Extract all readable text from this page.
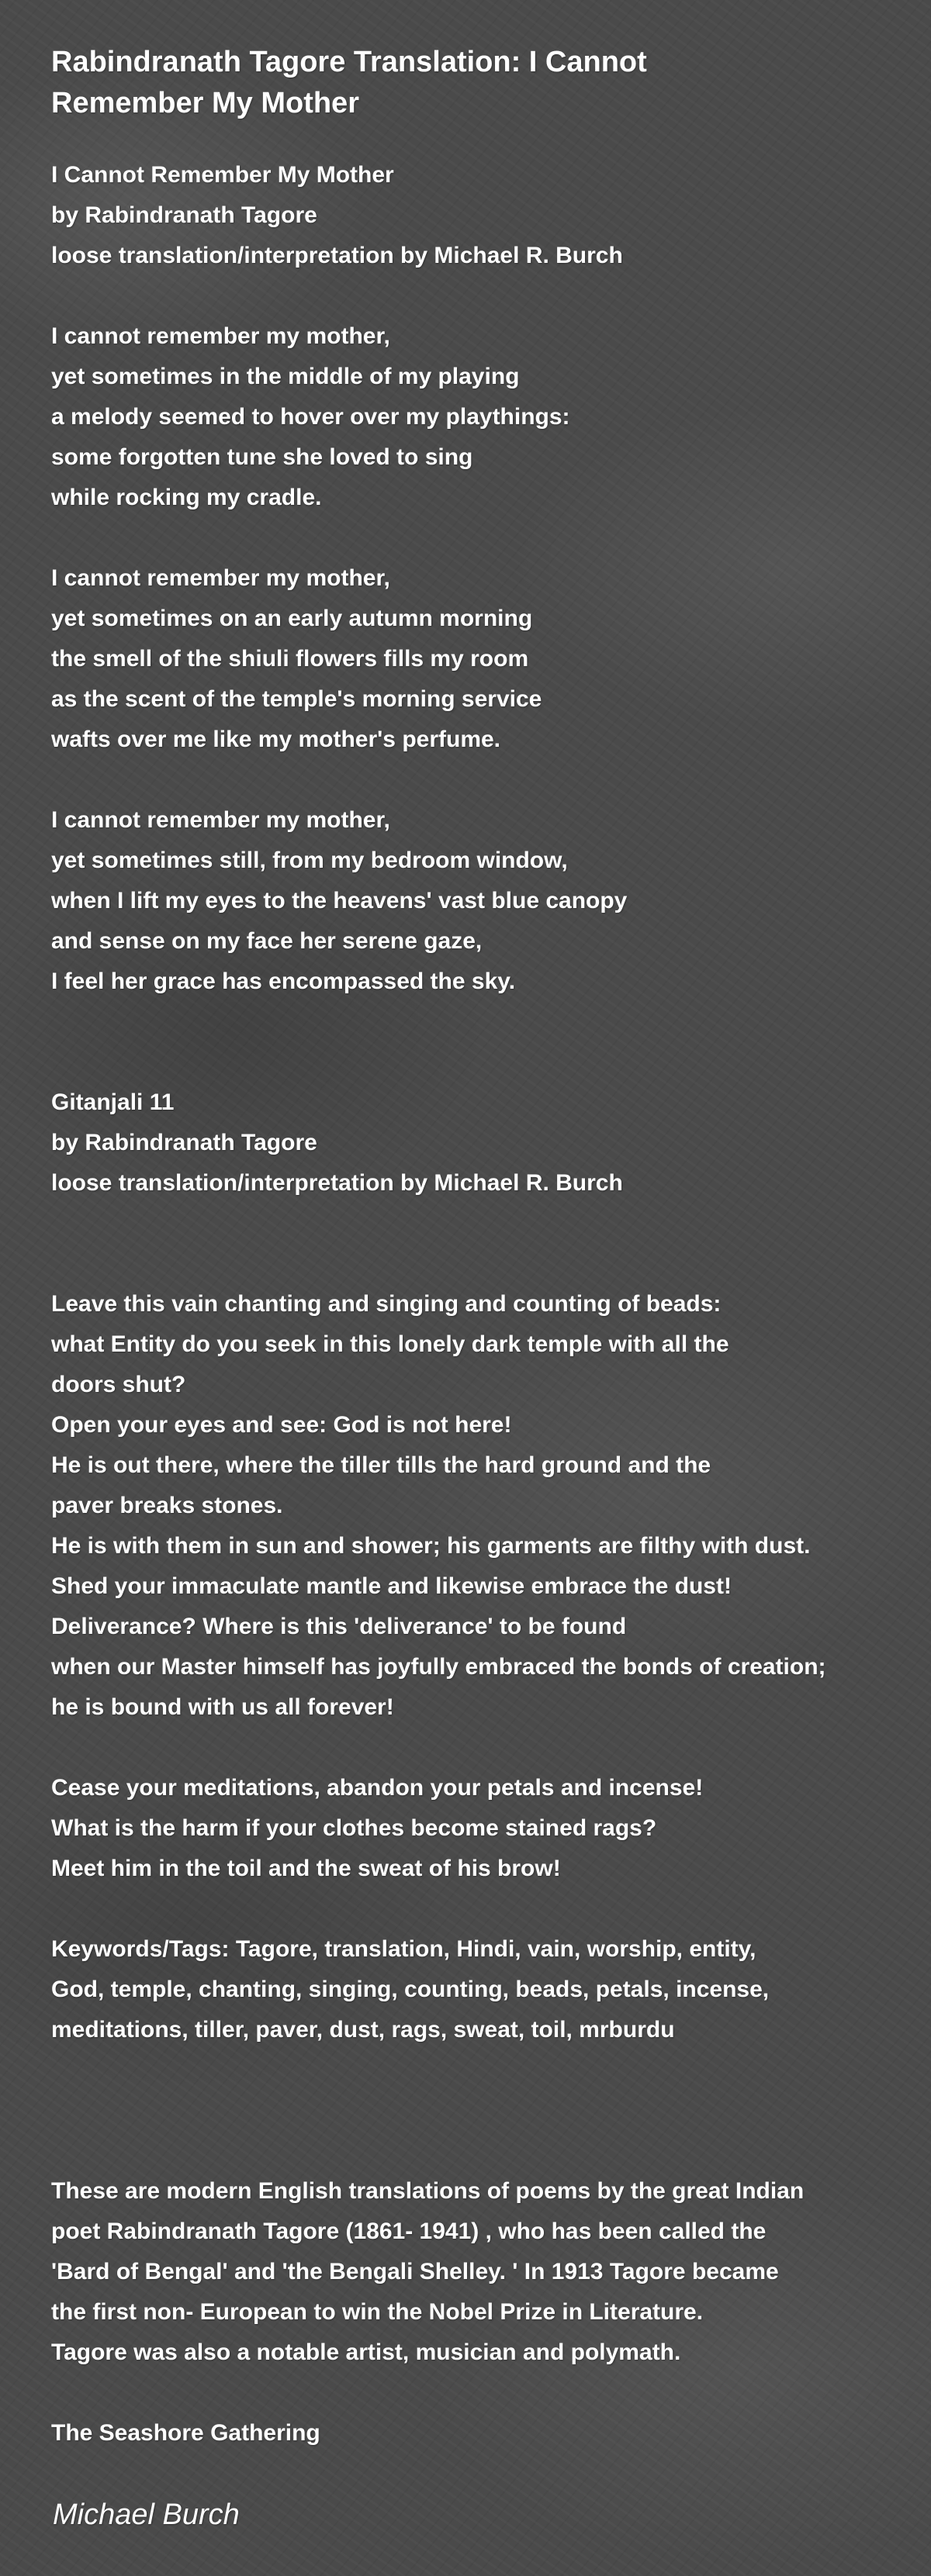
Rabindranath Tagore Translation: I Cannot
Remember My Mother
I Cannot Remember My Mother
by Rabindranath Tagore
loose translation/interpretation by Michael R. Burch

I cannot remember my mother,
yet sometimes in the middle of my playing
a melody seemed to hover over my playthings:
some forgotten tune she loved to sing
while rocking my cradle.

I cannot remember my mother,
yet sometimes on an early autumn morning
the smell of the shiuli flowers fills my room
as the scent of the temple's morning service
wafts over me like my mother's perfume.

I cannot remember my mother,
yet sometimes still, from my bedroom window,
when I lift my eyes to the heavens' vast blue canopy
and sense on my face her serene gaze,
I feel her grace has encompassed the sky.

Gitanjali 11
by Rabindranath Tagore
loose translation/interpretation by Michael R. Burch

Leave this vain chanting and singing and counting of beads:
what Entity do you seek in this lonely dark temple with all the
doors shut?
Open your eyes and see: God is not here!
He is out there, where the tiller tills the hard ground and the
paver breaks stones.
He is with them in sun and shower; his garments are filthy with dust.
Shed your immaculate mantle and likewise embrace the dust!
Deliverance? Where is this 'deliverance' to be found
when our Master himself has joyfully embraced the bonds of creation;
he is bound with us all forever!

Cease your meditations, abandon your petals and incense!
What is the harm if your clothes become stained rags?
Meet him in the toil and the sweat of his brow!

Keywords/Tags: Tagore, translation, Hindi, vain, worship, entity,
God, temple, chanting, singing, counting, beads, petals, incense,
meditations, tiller, paver, dust, rags, sweat, toil, mrburdu

These are modern English translations of poems by the great Indian
poet Rabindranath Tagore (1861- 1941) , who has been called the
'Bard of Bengal' and 'the Bengali Shelley. ' In 1913 Tagore became
the first non- European to win the Nobel Prize in Literature.
Tagore was also a notable artist, musician and polymath.

The Seashore Gathering
Michael Burch
